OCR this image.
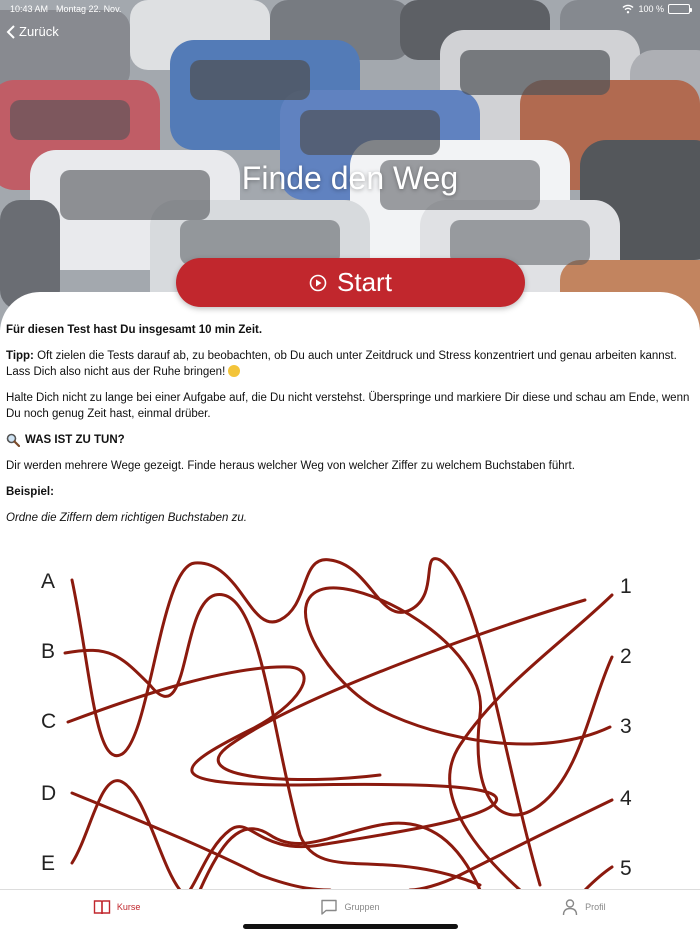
10:43 AM Montag 22. Nov.	100 %
Zurück
Finde den Weg
Start

Für diesen Test hast Du insgesamt 10 min Zeit.

Tipp: Oft zielen die Tests darauf ab, zu beobachten, ob Du auch unter Zeitdruck und Stress konzentriert und genau arbeiten kannst. Lass Dich also nicht aus der Ruhe bringen!

Halte Dich nicht zu lange bei einer Aufgabe auf, die Du nicht verstehst. Überspringe und markiere Dir diese und schau am Ende, wenn Du noch genug Zeit hast, einmal drüber.

WAS IST ZU TUN?

Dir werden mehrere Wege gezeigt. Finde heraus welcher Weg von welcher Ziffer zu welchem Buchstaben führt.

Beispiel:

Ordne die Ziffern dem richtigen Buchstaben zu.

A
B
C
D
E
1
2
3
4
5
Kurse	Gruppen	Profil
